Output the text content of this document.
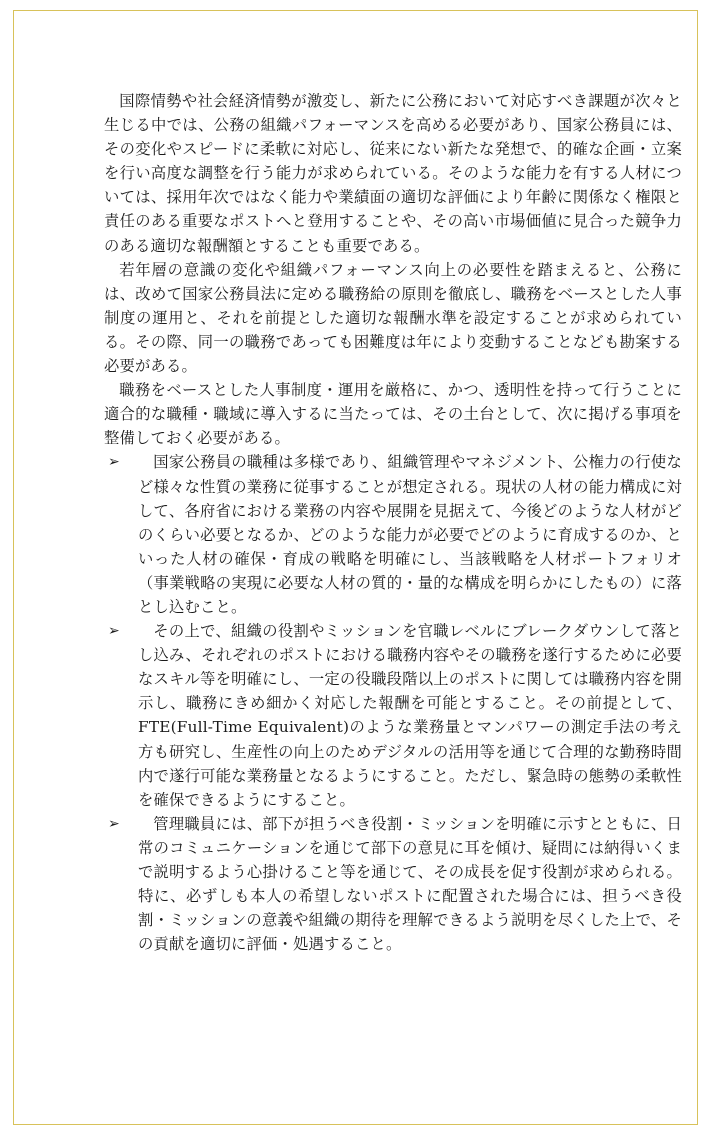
国際情勢や社会経済情勢が激変し、新たに公務において対応すべき課題が次々と生じる中では、公務の組織パフォーマンスを高める必要があり、国家公務員には、その変化やスピードに柔軟に対応し、従来にない新たな発想で、的確な企画・立案を行い高度な調整を行う能力が求められている。そのような能力を有する人材については、採用年次ではなく能力や業績面の適切な評価により年齢に関係なく権限と責任のある重要なポストへと登用することや、その高い市場価値に見合った競争力のある適切な報酬額とすることも重要である。

若年層の意識の変化や組織パフォーマンス向上の必要性を踏まえると、公務には、改めて国家公務員法に定める職務給の原則を徹底し、職務をベースとした人事制度の運用と、それを前提とした適切な報酬水準を設定することが求められている。その際、同一の職務であっても困難度は年により変動することなども勘案する必要がある。

職務をベースとした人事制度・運用を厳格に、かつ、透明性を持って行うことに適合的な職種・職域に導入するに当たっては、その土台として、次に掲げる事項を整備しておく必要がある。

➢	国家公務員の職種は多様であり、組織管理やマネジメント、公権力の行使など様々な性質の業務に従事することが想定される。現状の人材の能力構成に対して、各府省における業務の内容や展開を見据えて、今後どのような人材がどのくらい必要となるか、どのような能力が必要でどのように育成するのか、といった人材の確保・育成の戦略を明確にし、当該戦略を人材ポートフォリオ（事業戦略の実現に必要な人材の質的・量的な構成を明らかにしたもの）に落とし込むこと。

➢	その上で、組織の役割やミッションを官職レベルにブレークダウンして落とし込み、それぞれのポストにおける職務内容やその職務を遂行するために必要なスキル等を明確にし、一定の役職段階以上のポストに関しては職務内容を開示し、職務にきめ細かく対応した報酬を可能とすること。その前提として、FTE(Full-Time Equivalent)のような業務量とマンパワーの測定手法の考え方も研究し、生産性の向上のためデジタルの活用等を通じて合理的な勤務時間内で遂行可能な業務量となるようにすること。ただし、緊急時の態勢の柔軟性を確保できるようにすること。

➢	管理職員には、部下が担うべき役割・ミッションを明確に示すとともに、日常のコミュニケーションを通じて部下の意見に耳を傾け、疑問には納得いくまで説明するよう心掛けること等を通じて、その成長を促す役割が求められる。特に、必ずしも本人の希望しないポストに配置された場合には、担うべき役割・ミッションの意義や組織の期待を理解できるよう説明を尽くした上で、その貢献を適切に評価・処遇すること。
